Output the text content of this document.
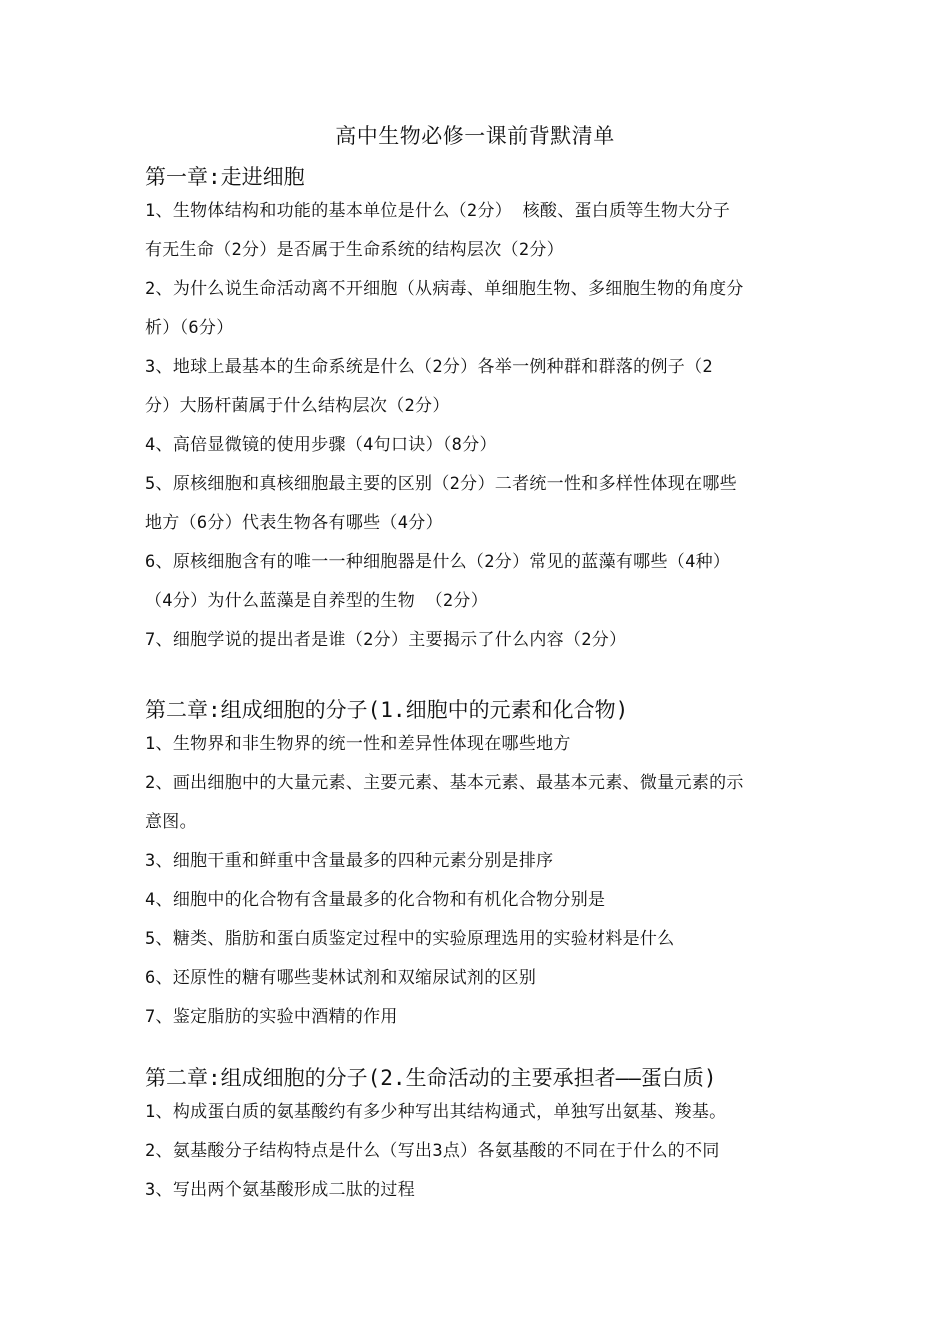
高中生物必修一课前背默清单
第一章:走进细胞
1、生物体结构和功能的基本单位是什么（2分） 核酸、蛋白质等生物大分子
有无生命（2分）是否属于生命系统的结构层次（2分）
2、为什么说生命活动离不开细胞（从病毒、单细胞生物、多细胞生物的角度分
析）（6分）
3、地球上最基本的生命系统是什么（2分）各举一例种群和群落的例子（2
分）大肠杆菌属于什么结构层次（2分）
4、高倍显微镜的使用步骤（4句口诀）（8分）
5、原核细胞和真核细胞最主要的区别（2分）二者统一性和多样性体现在哪些
地方（6分）代表生物各有哪些（4分）
6、原核细胞含有的唯一一种细胞器是什么（2分）常见的蓝藻有哪些（4种）
（4分）为什么蓝藻是自养型的生物 （2分）
7、细胞学说的提出者是谁（2分）主要揭示了什么内容（2分）
第二章:组成细胞的分子(1.细胞中的元素和化合物)
1、生物界和非生物界的统一性和差异性体现在哪些地方
2、画出细胞中的大量元素、主要元素、基本元素、最基本元素、微量元素的示
意图。
3、细胞干重和鲜重中含量最多的四种元素分别是排序
4、细胞中的化合物有含量最多的化合物和有机化合物分别是
5、糖类、脂肪和蛋白质鉴定过程中的实验原理选用的实验材料是什么
6、还原性的糖有哪些斐林试剂和双缩尿试剂的区别
7、鉴定脂肪的实验中酒精的作用
第二章:组成细胞的分子(2.生命活动的主要承担者——蛋白质)
1、构成蛋白质的氨基酸约有多少种写出其结构通式，单独写出氨基、羧基。
2、氨基酸分子结构特点是什么（写出3点）各氨基酸的不同在于什么的不同
3、写出两个氨基酸形成二肽的过程
